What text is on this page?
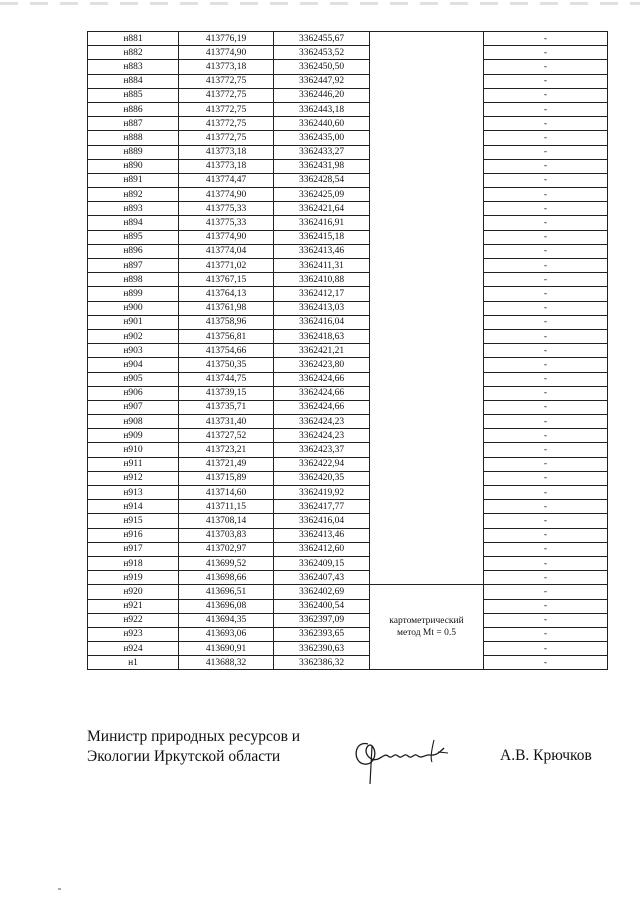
н881	413776,19	3362455,67		-
н882	413774,90	3362453,52		-
н883	413773,18	3362450,50		-
н884	413772,75	3362447,92		-
н885	413772,75	3362446,20		-
н886	413772,75	3362443,18		-
н887	413772,75	3362440,60		-
н888	413772,75	3362435,00		-
н889	413773,18	3362433,27		-
н890	413773,18	3362431,98		-
н891	413774,47	3362428,54		-
н892	413774,90	3362425,09		-
н893	413775,33	3362421,64		-
н894	413775,33	3362416,91		-
н895	413774,90	3362415,18		-
н896	413774,04	3362413,46		-
н897	413771,02	3362411,31		-
н898	413767,15	3362410,88		-
н899	413764,13	3362412,17		-
н900	413761,98	3362413,03		-
н901	413758,96	3362416,04		-
н902	413756,81	3362418,63		-
н903	413754,66	3362421,21		-
н904	413750,35	3362423,80		-
н905	413744,75	3362424,66		-
н906	413739,15	3362424,66		-
н907	413735,71	3362424,66		-
н908	413731,40	3362424,23		-
н909	413727,52	3362424,23		-
н910	413723,21	3362423,37		-
н911	413721,49	3362422,94		-
н912	413715,89	3362420,35		-
н913	413714,60	3362419,92		-
н914	413711,15	3362417,77		-
н915	413708,14	3362416,04		-
н916	413703,83	3362413,46		-
н917	413702,97	3362412,60		-
н918	413699,52	3362409,15		-
н919	413698,66	3362407,43		-
н920	413696,51	3362402,69	картометрический
метод Mt = 0.5	-
н921	413696,08	3362400,54		-
н922	413694,35	3362397,09		-
н923	413693,06	3362393,65		-
н924	413690,91	3362390,63		-
н1	413688,32	3362386,32		-
Министр природных ресурсов и
Экологии Иркутской области	А.В. Крючков
